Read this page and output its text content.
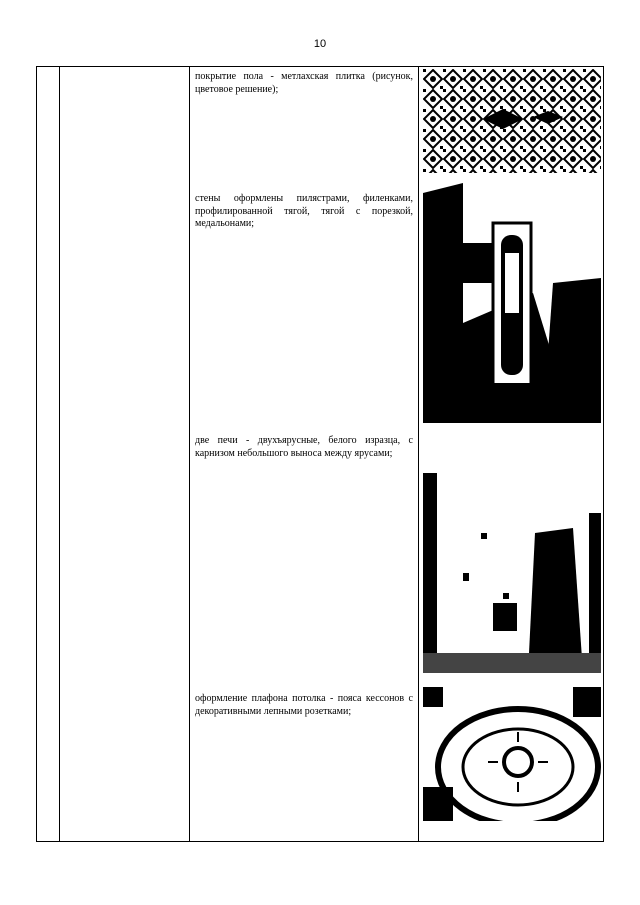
10
покрытие пола - метлахская плитка (рисунок, цветовое решение);
стены оформлены пилястрами, филенками, профилированной тягой, тягой с порезкой, медальонами;
две печи - двухъярусные, белого изразца, с карнизом небольшого выноса между ярусами;
оформление плафона потолка - пояса кессонов с декоративными лепными розетками;
